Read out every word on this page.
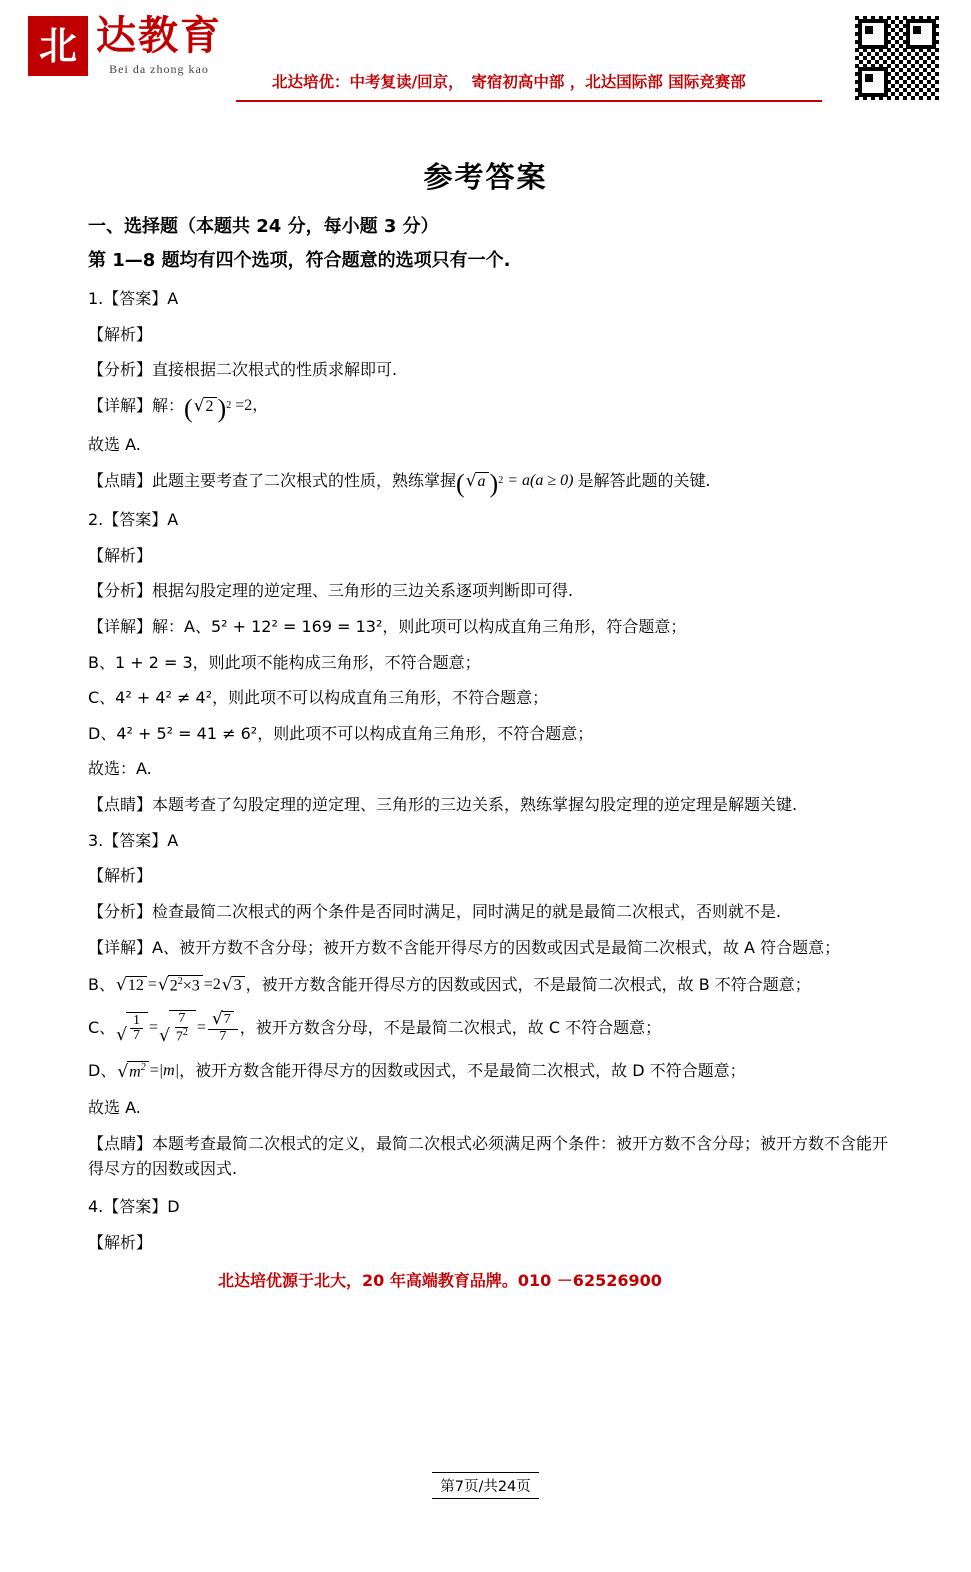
北 达教育
Bei da zhong kao
北达培优：中考复读/回京，　寄宿初高中部 ，北达国际部 国际竞赛部
参考答案
一、选择题（本题共 24 分，每小题 3 分）
第 1—8 题均有四个选项，符合题意的选项只有一个.
1.【答案】A
【解析】
【分析】直接根据二次根式的性质求解即可.
【详解】解： ( √ 2 ) 2 =2，
故选 A.
【点睛】此题主要考查了二次根式的性质，熟练掌握 ( √ a ) 2 = a(a ≥ 0) 是解答此题的关键.
2.【答案】A
【解析】
【分析】根据勾股定理的逆定理、三角形的三边关系逐项判断即可得.
【详解】解：A、5² + 12² = 169 = 13²，则此项可以构成直角三角形，符合题意；
B、1 + 2 = 3，则此项不能构成三角形，不符合题意；
C、4² + 4² ≠ 4²，则此项不可以构成直角三角形，不符合题意；
D、4² + 5² = 41 ≠ 6²，则此项不可以构成直角三角形，不符合题意；
故选：A.
【点睛】本题考查了勾股定理的逆定理、三角形的三边关系，熟练掌握勾股定理的逆定理是解题关键.
3.【答案】A
【解析】
【分析】检查最简二次根式的两个条件是否同时满足，同时满足的就是最简二次根式，否则就不是.
【详解】A、被开方数不含分母；被开方数不含能开得尽方的因数或因式是最简二次根式，故 A 符合题意；
B、 √ 12 = √ $2^2\times 3 =2$ √ 3 ，被开方数含能开得尽方的因数或因式，不是最简二次根式，故 B 不符合题意；
C、 √ $\frac{1}{7}$ = √ $\frac{7}{7^2} = \frac{√ 7}{7}$ ，被开方数含分母，不是最简二次根式，故 C 不符合题意；
D、 √ $m^2 = |m|$ ，被开方数含能开得尽方的因数或因式，不是最简二次根式，故 D 不符合题意；
故选 A.
【点睛】本题考查最简二次根式的定义，最简二次根式必须满足两个条件：被开方数不含分母；被开方数不含能开得尽方的因数或因式.
4.【答案】D
【解析】
北达培优源于北大，20 年高端教育品牌。010 －62526900
第7页/共24页
